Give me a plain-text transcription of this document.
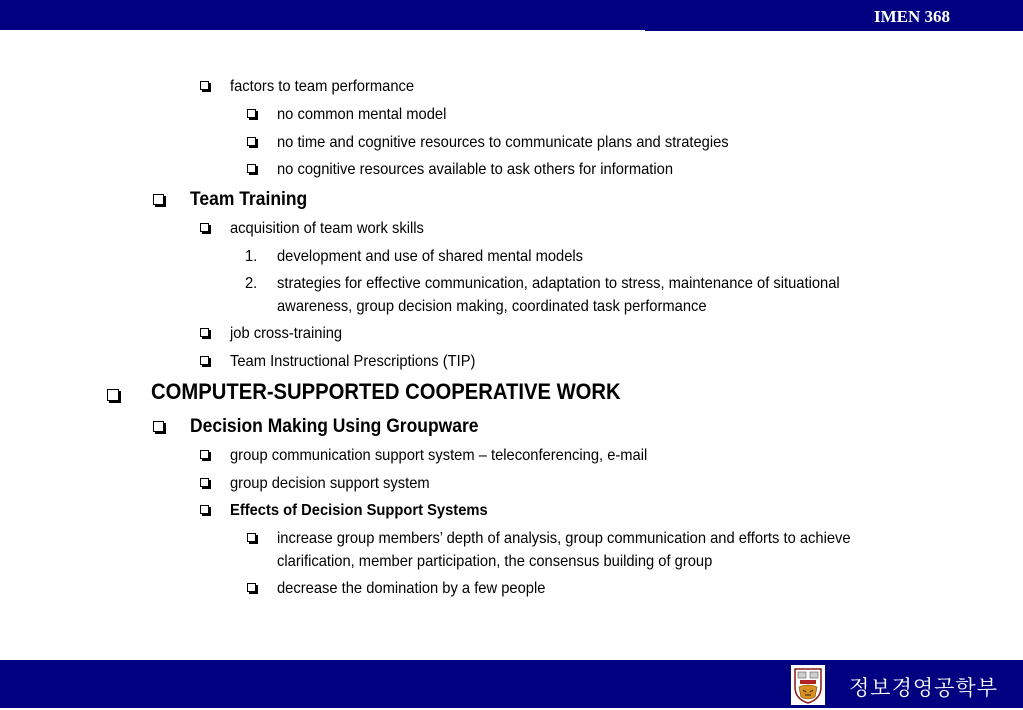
IMEN 368
factors to team performance
no common mental model
no time and cognitive resources to communicate plans and strategies
no cognitive resources available to ask others for information
Team Training
acquisition of team work skills
1. development and use of shared mental models
2. strategies for effective communication, adaptation to stress, maintenance of situational
awareness, group decision making, coordinated task performance
job cross-training
Team Instructional Prescriptions (TIP)
COMPUTER-SUPPORTED COOPERATIVE WORK
Decision Making Using Groupware
group communication support system – teleconferencing, e-mail
group decision support system
Effects of Decision Support Systems
increase group members’ depth of analysis, group communication and efforts to achieve
clarification, member participation, the consensus building of group
decrease the domination by a few people
정보경영공학부
